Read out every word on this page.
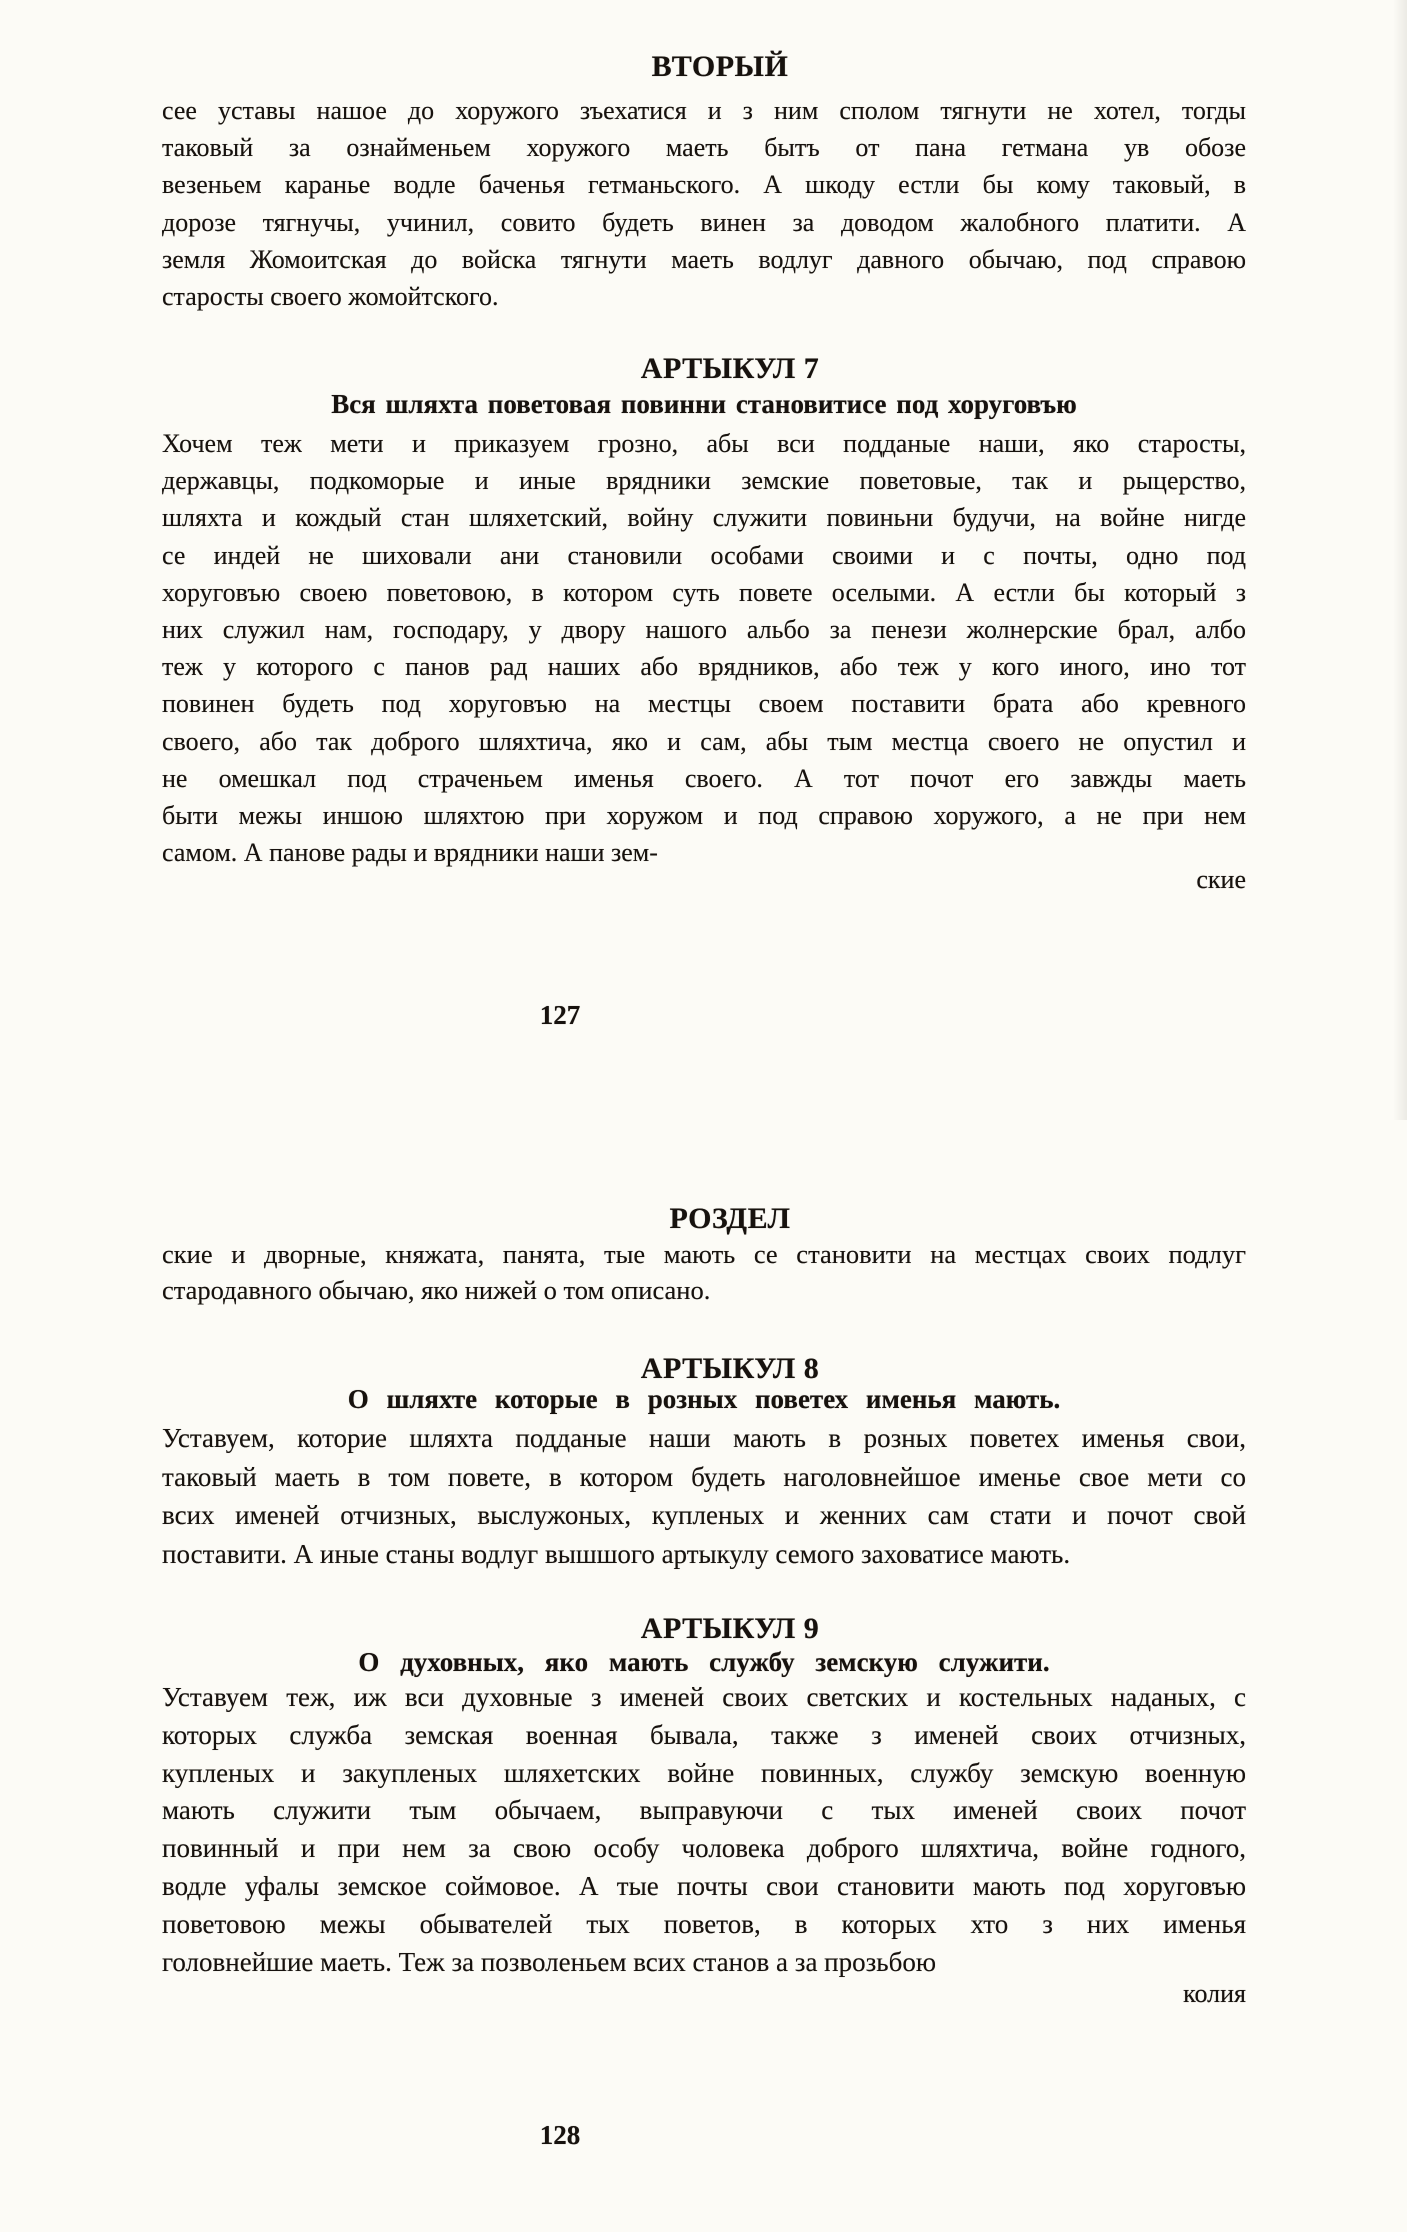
ВТОРЫЙ
сее уставы нашое до хоружого зъехатися и з ним сполом тягнути не хотел, тогды
таковый за ознайменьем хоружого маеть бытъ от пана гетмана ув обозе
везеньем каранье водле баченья гетманьского. А шкоду естли бы кому таковый, в
дорозе тягнучы, учинил, совито будеть винен за доводом жалобного платити. А
земля Жомоитская до войска тягнути маеть водлуг давного обычаю, под справою
старосты своего жомойтского.
АРТЫКУЛ 7
Вся шляхта поветовая повинни становитисе под хоруговъю
Хочем теж мети и приказуем грозно, абы вси подданые наши, яко старосты,
державцы, подкоморые и иные врядники земские поветовые, так и рыцерство,
шляхта и кождый стан шляхетский, войну служити повиньни будучи, на войне нигде
се индей не шиховали ани становили особами своими и с почты, одно под
хоруговъю своею поветовою, в котором суть повете оселыми. А естли бы который з
них служил нам, господару, у двору нашого альбо за пенези жолнерские брал, албо
теж у которого с панов рад наших або врядников, або теж у кого иного, ино тот
повинен будеть под хоруговъю на местцы своем поставити брата або кревного
своего, або так доброго шляхтича, яко и сам, абы тым местца своего не опустил и
не омешкал под страченьем именья своего. А тот почот его завжды маеть
быти межы иншою шляхтою при хоружом и под справою хоружого, а не при нем
самом. А панове рады и врядники наши зем-
ские
127
РОЗДЕЛ
ские и дворные, княжата, панята, тые мають се становити на местцах своих подлуг
стародавного обычаю, яко нижей о том описано.
АРТЫКУЛ 8
О шляхте которые в розных поветех именья мають.
Уставуем, которие шляхта подданые наши мають в розных поветех именья свои,
таковый маеть в том повете, в котором будеть наголовнейшое именье свое мети со
всих именей отчизных, выслужоных, купленых и женних сам стати и почот свой
поставити. А иные станы водлуг вышшого артыкулу семого заховатисе мають.
АРТЫКУЛ 9
О духовных, яко мають службу земскую служити.
Уставуем теж, иж вси духовные з именей своих светских и костельных наданых, с
которых служба земская военная бывала, также з именей своих отчизных,
купленых и закупленых шляхетских войне повинных, службу земскую военную
мають служити тым обычаем, выправуючи с тых именей своих почот
повинный и при нем за свою особу чоловека доброго шляхтича, войне годного,
водле уфалы земское соймовое. А тые почты свои становити мають под хоруговъю
поветовою межы обывателей тых поветов, в которых хто з них именья
головнейшие маеть. Теж за позволеньем всих станов а за прозьбою
колия
128
